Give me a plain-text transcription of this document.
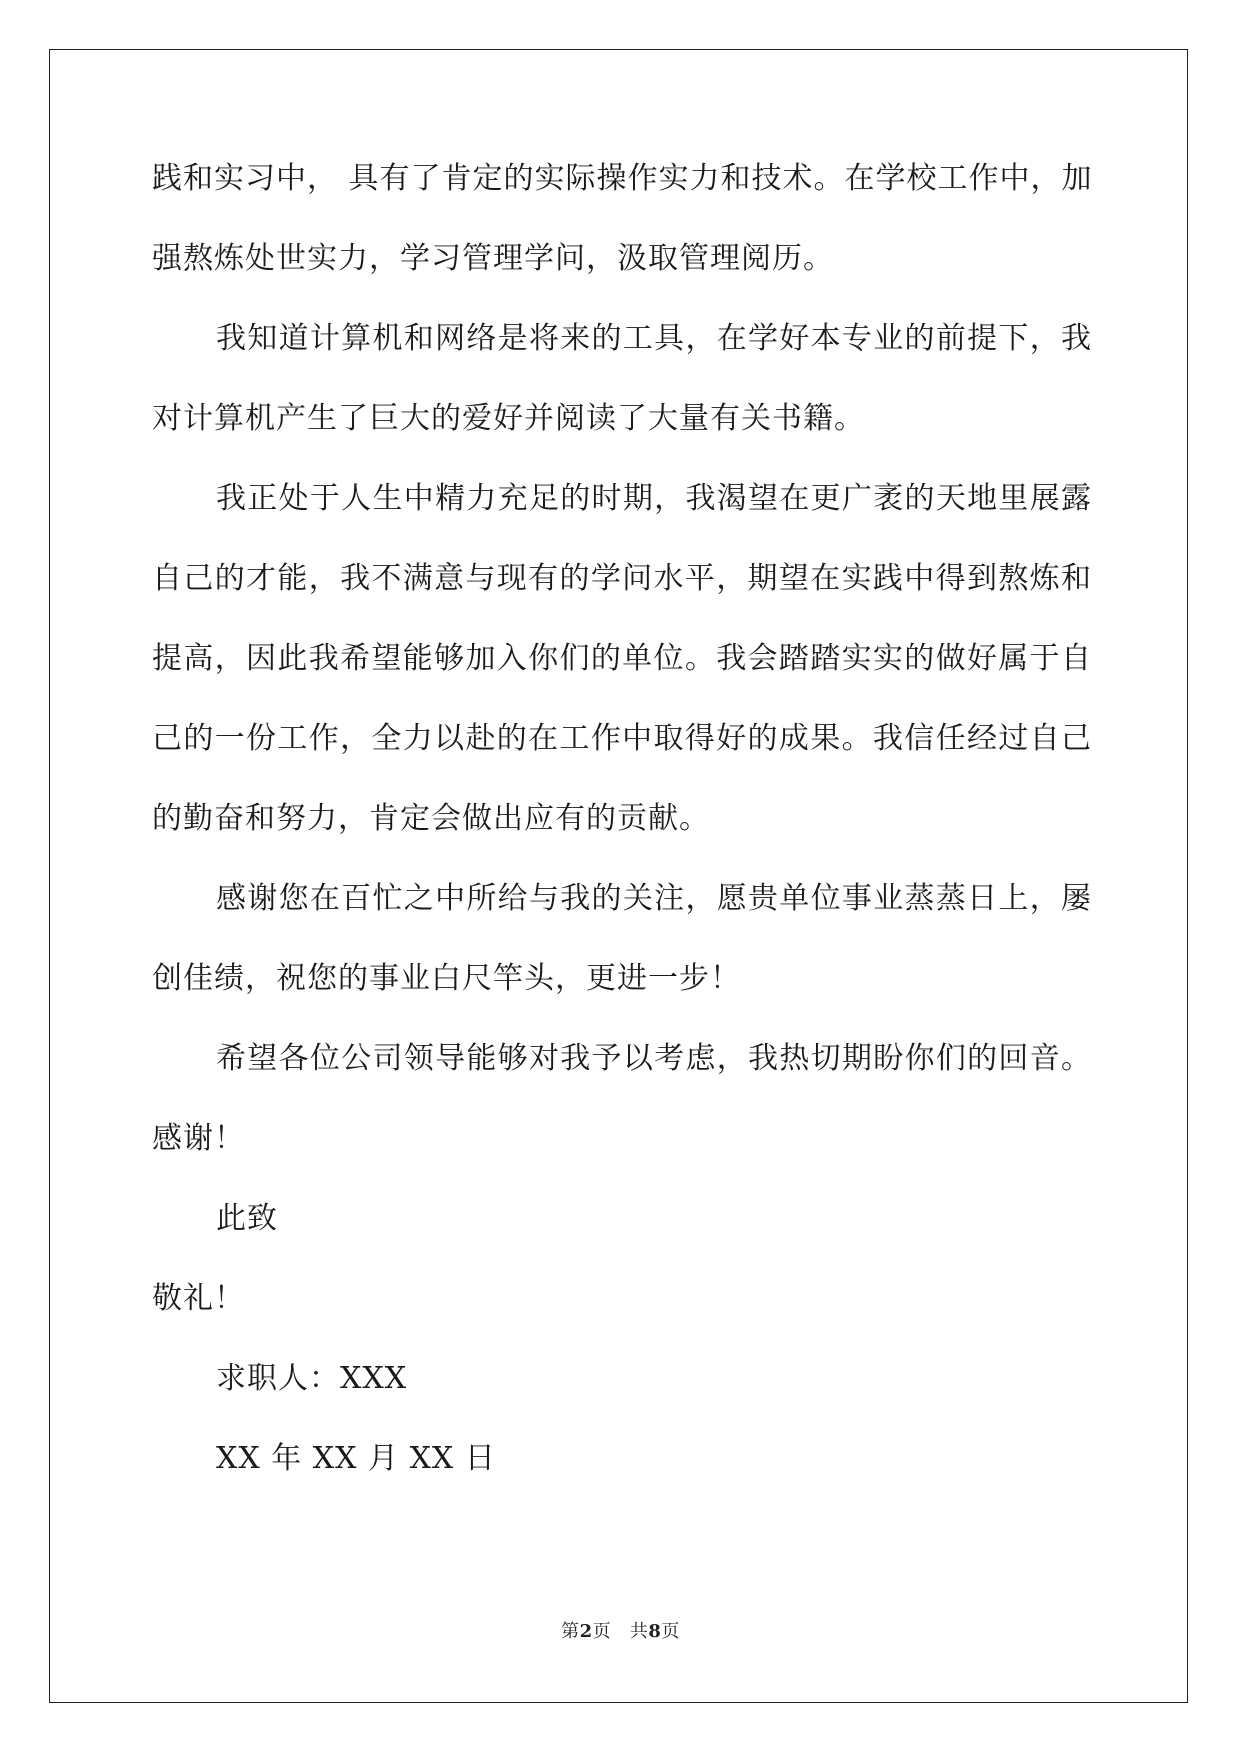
践和实习中， 具有了肯定的实际操作实力和技术。在学校工作中，加
强熬炼处世实力，学习管理学问，汲取管理阅历。
我知道计算机和网络是将来的工具，在学好本专业的前提下，我
对计算机产生了巨大的爱好并阅读了大量有关书籍。
我正处于人生中精力充足的时期，我渴望在更广袤的天地里展露
自己的才能，我不满意与现有的学问水平，期望在实践中得到熬炼和
提高，因此我希望能够加入你们的单位。我会踏踏实实的做好属于自
己的一份工作，全力以赴的在工作中取得好的成果。我信任经过自己
的勤奋和努力，肯定会做出应有的贡献。
感谢您在百忙之中所给与我的关注，愿贵单位事业蒸蒸日上，屡
创佳绩，祝您的事业白尺竿头，更进一步！
希望各位公司领导能够对我予以考虑，我热切期盼你们的回音。
感谢！
此致
敬礼！
求职人：XXX
XX 年 XX 月 XX 日
第2页 共8页
